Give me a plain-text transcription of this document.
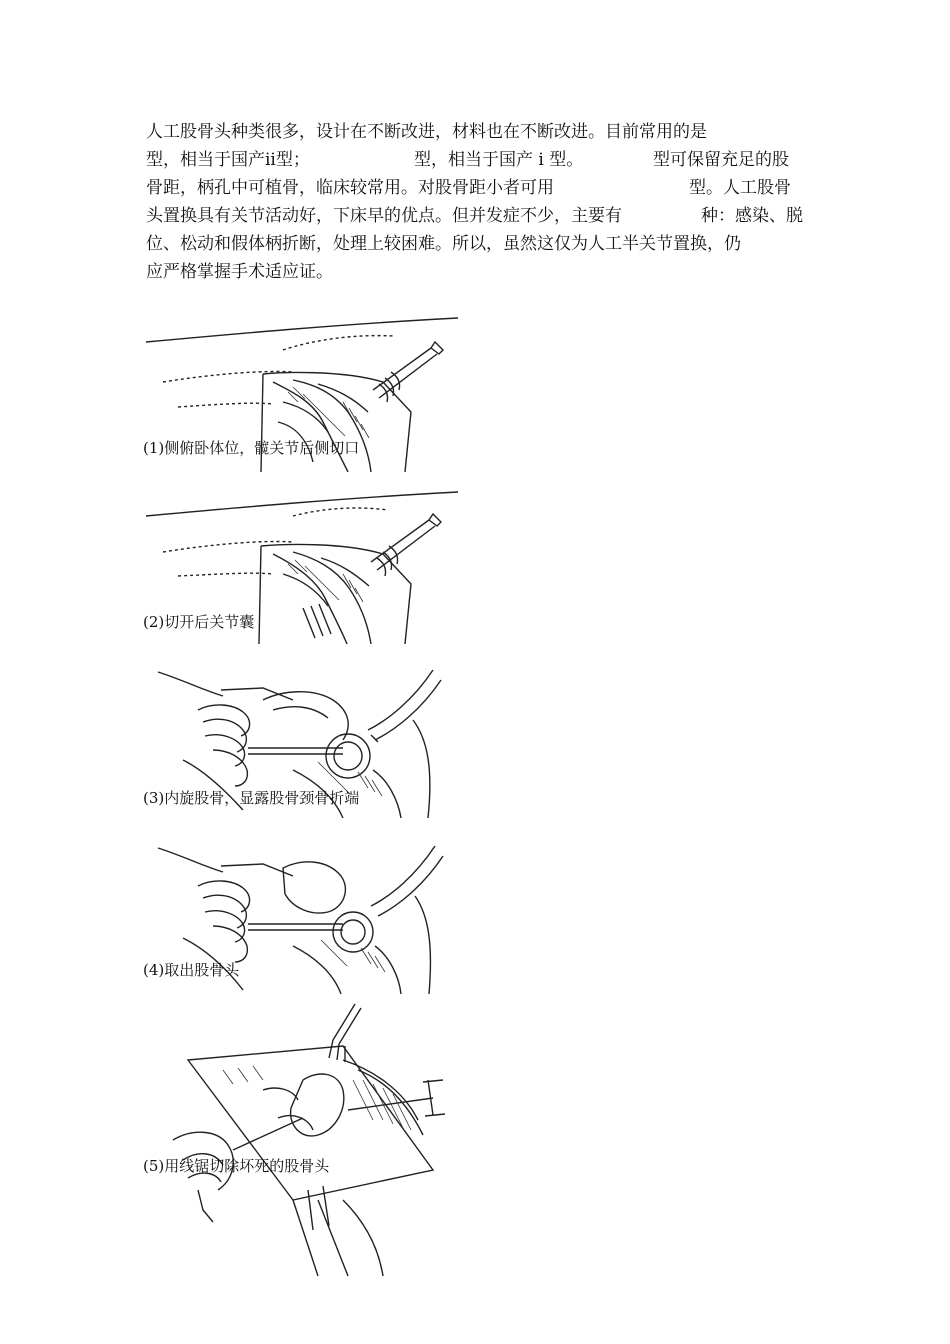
人工股骨头种类很多，设计在不断改进，材料也在不断改进。目前常用的是
型，相当于国产ii型；	型，相当于国产 i 型。	型可保留充足的股
骨距，柄孔中可植骨，临床较常用。对股骨距小者可用	型。人工股骨
头置换具有关节活动好，下床早的优点。但并发症不少，主要有	种：感染、脱
位、松动和假体柄折断，处理上较困难。所以，虽然这仅为人工半关节置换，仍
应严格掌握手术适应证。
(1)侧俯卧体位，髋关节后侧切口
(2)切开后关节囊
(3)内旋股骨，显露股骨颈骨折端
(4)取出股骨头
(5)用线锯切除坏死的股骨头
